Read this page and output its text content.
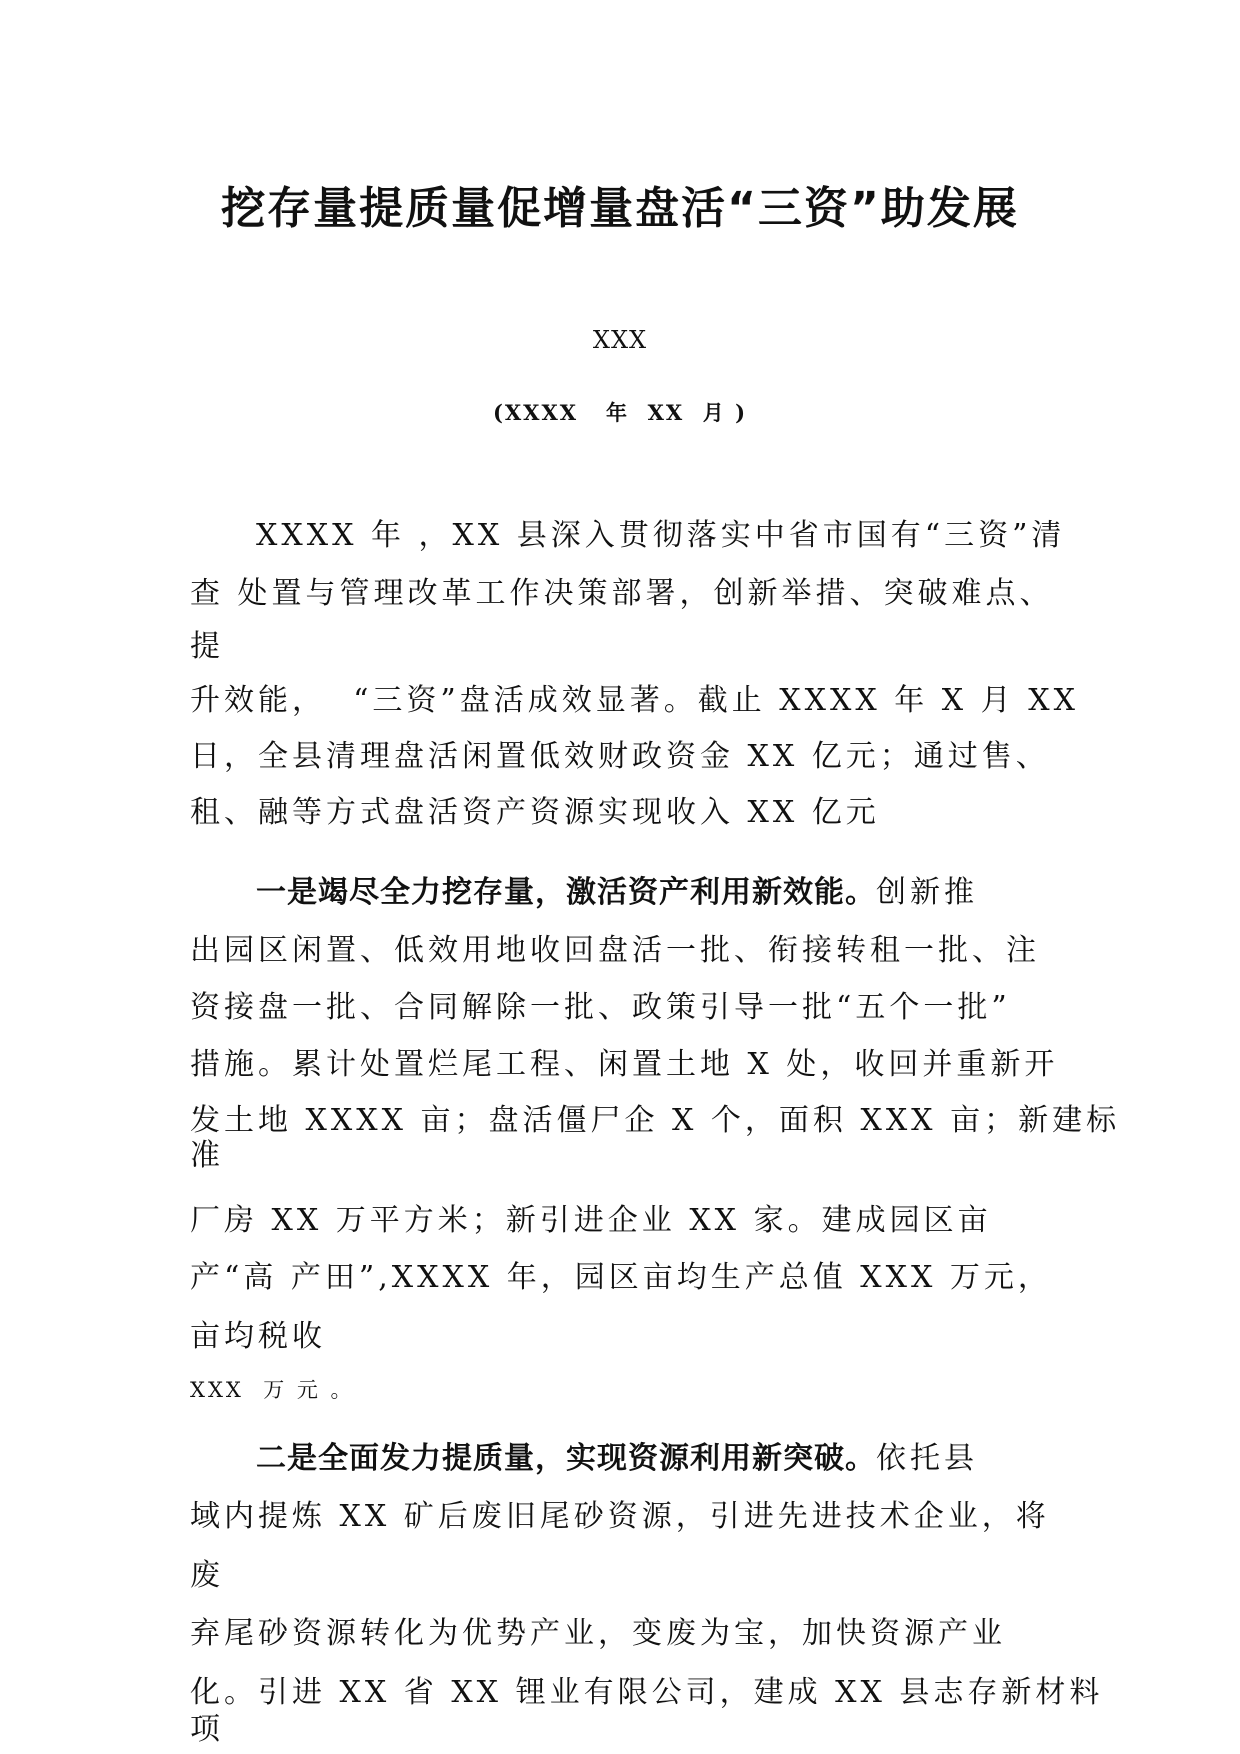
挖存量提质量促增量盘活“三资”助发展
XXX
(XXXX   年  XX  月 )
XXXX 年 ，XX 县深入贯彻落实中省市国有“三资”清
查 处置与管理改革工作决策部署，创新举措、突破难点、
提
升效能，  “三资”盘活成效显著。截止 XXXX 年 X 月 XX
日，全县清理盘活闲置低效财政资金 XX 亿元；通过售、
租、融等方式盘活资产资源实现收入 XX 亿元
一是竭尽全力挖存量，激活资产利用新效能。创新推
出园区闲置、低效用地收回盘活一批、衔接转租一批、注
资接盘一批、合同解除一批、政策引导一批“五个一批”
措施。累计处置烂尾工程、闲置土地 X 处，收回并重新开
发土地 XXXX 亩；盘活僵尸企 X 个，面积 XXX 亩；新建标
准
厂房 XX 万平方米；新引进企业 XX 家。建成园区亩
产“高 产田”,XXXX 年，园区亩均生产总值 XXX 万元，
亩均税收
XXX  万 元 。
二是全面发力提质量，实现资源利用新突破。依托县
域内提炼 XX 矿后废旧尾砂资源，引进先进技术企业，将
废
弃尾砂资源转化为优势产业，变废为宝，加快资源产业
化。引进 XX 省 XX 锂业有限公司，建成 XX 县志存新材料
项
